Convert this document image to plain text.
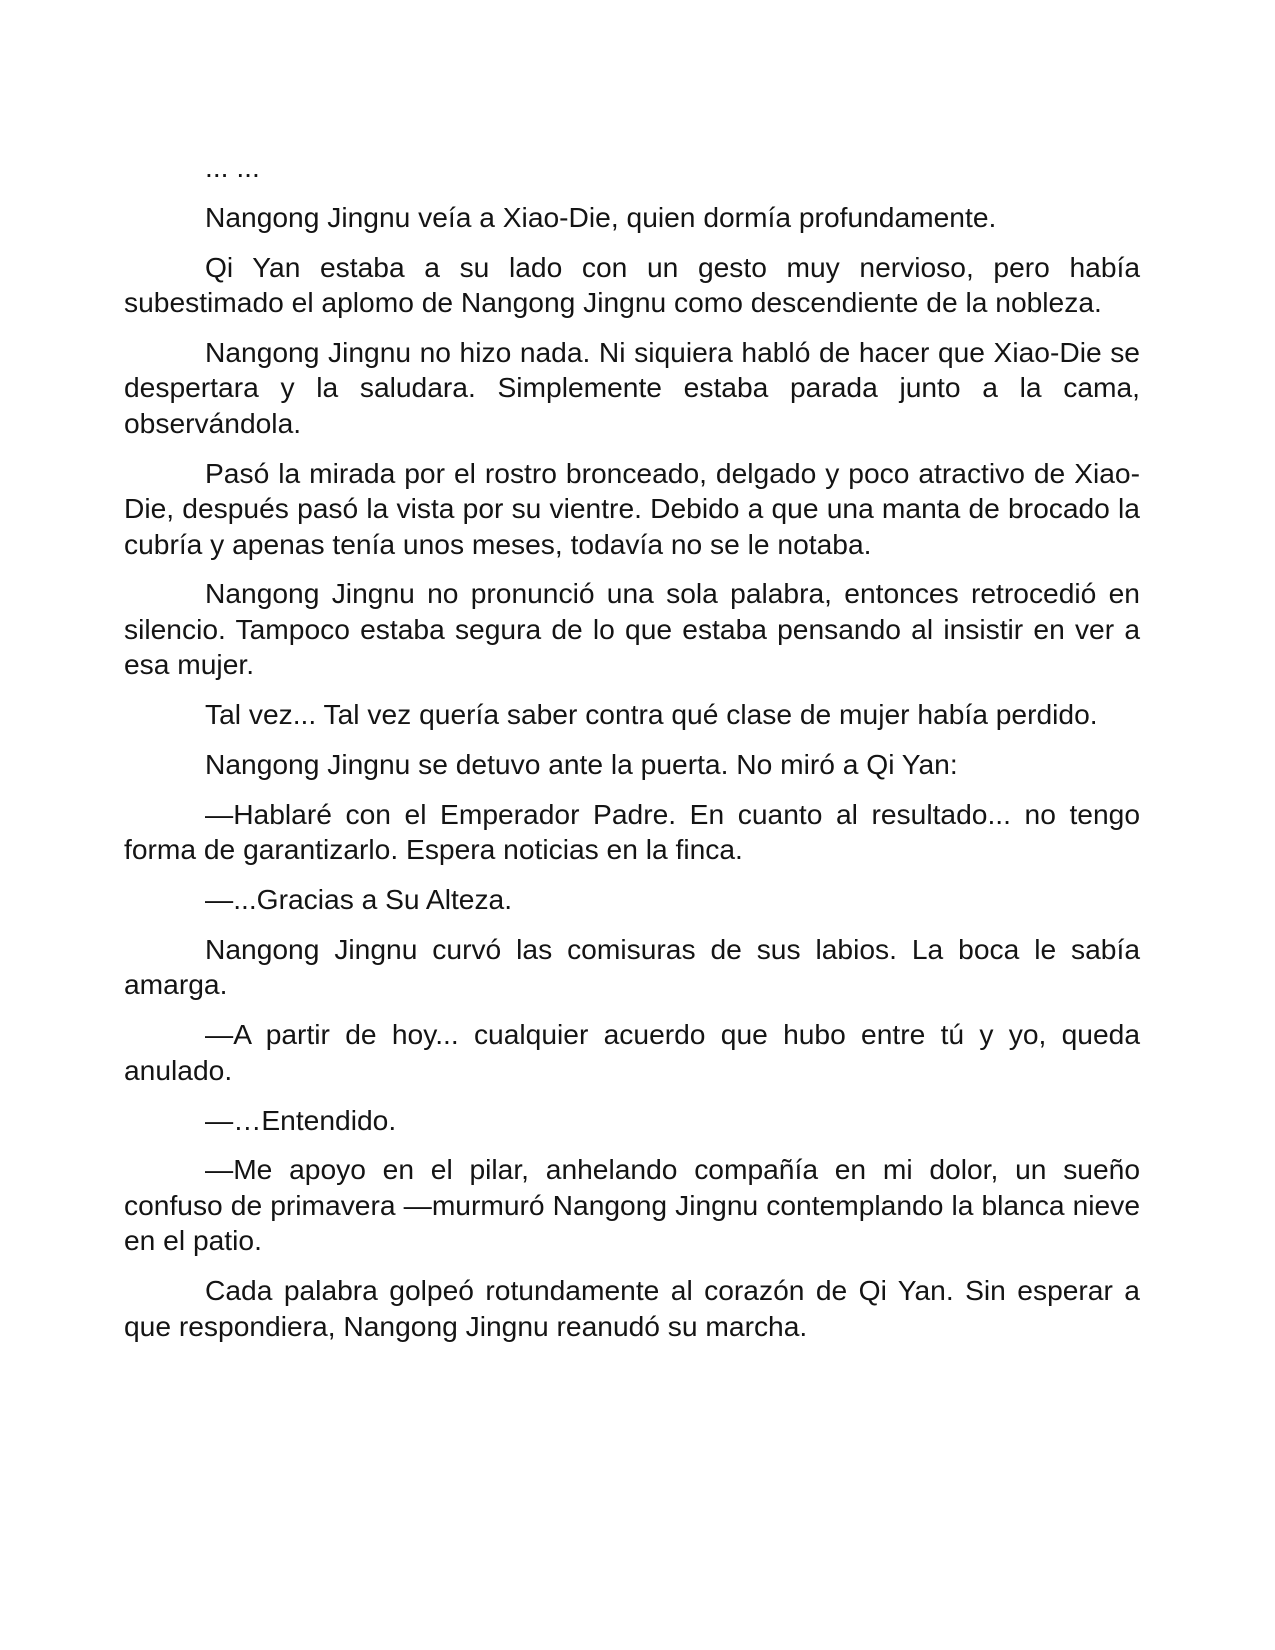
... ...

Nangong Jingnu veía a Xiao-Die, quien dormía profundamente.

Qi Yan estaba a su lado con un gesto muy nervioso, pero había subestimado el aplomo de Nangong Jingnu como descendiente de la nobleza.

Nangong Jingnu no hizo nada. Ni siquiera habló de hacer que Xiao-Die se despertara y la saludara. Simplemente estaba parada junto a la cama, observándola.

Pasó la mirada por el rostro bronceado, delgado y poco atractivo de Xiao-Die, después pasó la vista por su vientre. Debido a que una manta de brocado la cubría y apenas tenía unos meses, todavía no se le notaba.

Nangong Jingnu no pronunció una sola palabra, entonces retrocedió en silencio. Tampoco estaba segura de lo que estaba pensando al insistir en ver a esa mujer.

Tal vez... Tal vez quería saber contra qué clase de mujer había perdido.

Nangong Jingnu se detuvo ante la puerta. No miró a Qi Yan:

—Hablaré con el Emperador Padre. En cuanto al resultado... no tengo forma de garantizarlo. Espera noticias en la finca.

—...Gracias a Su Alteza.

Nangong Jingnu curvó las comisuras de sus labios. La boca le sabía amarga.

—A partir de hoy... cualquier acuerdo que hubo entre tú y yo, queda anulado.

—…Entendido.

—Me apoyo en el pilar, anhelando compañía en mi dolor, un sueño confuso de primavera —murmuró Nangong Jingnu contemplando la blanca nieve en el patio.

Cada palabra golpeó rotundamente al corazón de Qi Yan. Sin esperar a que respondiera, Nangong Jingnu reanudó su marcha.
